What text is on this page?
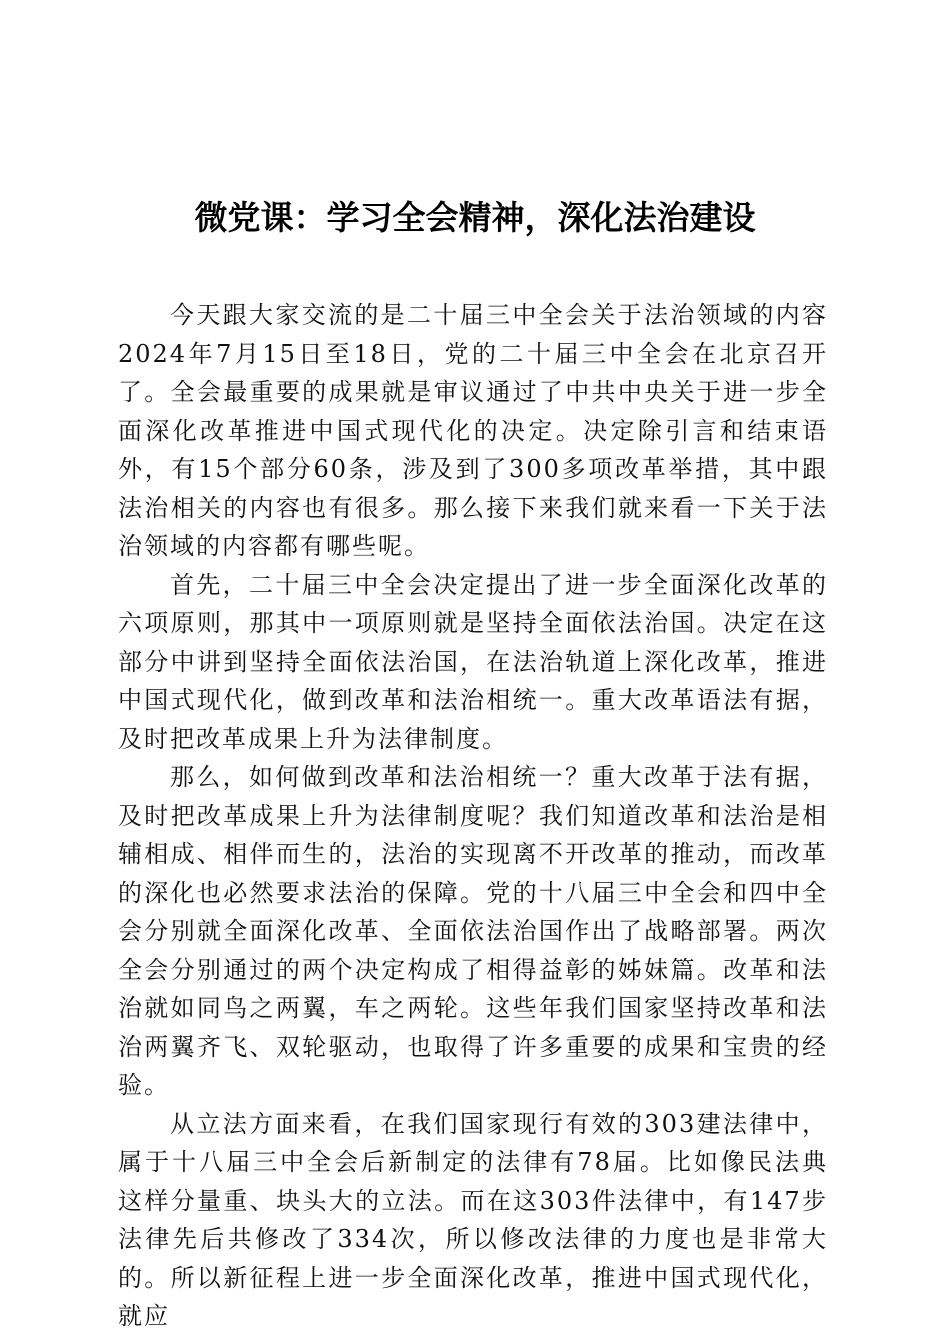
微党课：学习全会精神，深化法治建设

今天跟大家交流的是二十届三中全会关于法治领域的内容2024年7月15日至18日，党的二十届三中全会在北京召开了。全会最重要的成果就是审议通过了中共中央关于进一步全面深化改革推进中国式现代化的决定。决定除引言和结束语外，有15个部分60条，涉及到了300多项改革举措，其中跟法治相关的内容也有很多。那么接下来我们就来看一下关于法治领域的内容都有哪些呢。

首先，二十届三中全会决定提出了进一步全面深化改革的六项原则，那其中一项原则就是坚持全面依法治国。决定在这部分中讲到坚持全面依法治国，在法治轨道上深化改革，推进中国式现代化，做到改革和法治相统一。重大改革语法有据，及时把改革成果上升为法律制度。

那么，如何做到改革和法治相统一？重大改革于法有据，及时把改革成果上升为法律制度呢？我们知道改革和法治是相辅相成、相伴而生的，法治的实现离不开改革的推动，而改革的深化也必然要求法治的保障。党的十八届三中全会和四中全会分别就全面深化改革、全面依法治国作出了战略部署。两次全会分别通过的两个决定构成了相得益彰的姊妹篇。改革和法治就如同鸟之两翼，车之两轮。这些年我们国家坚持改革和法治两翼齐飞、双轮驱动，也取得了许多重要的成果和宝贵的经验。

从立法方面来看，在我们国家现行有效的303建法律中，属于十八届三中全会后新制定的法律有78届。比如像民法典这样分量重、块头大的立法。而在这303件法律中，有147步法律先后共修改了334次，所以修改法律的力度也是非常大的。所以新征程上进一步全面深化改革，推进中国式现代化，就应
